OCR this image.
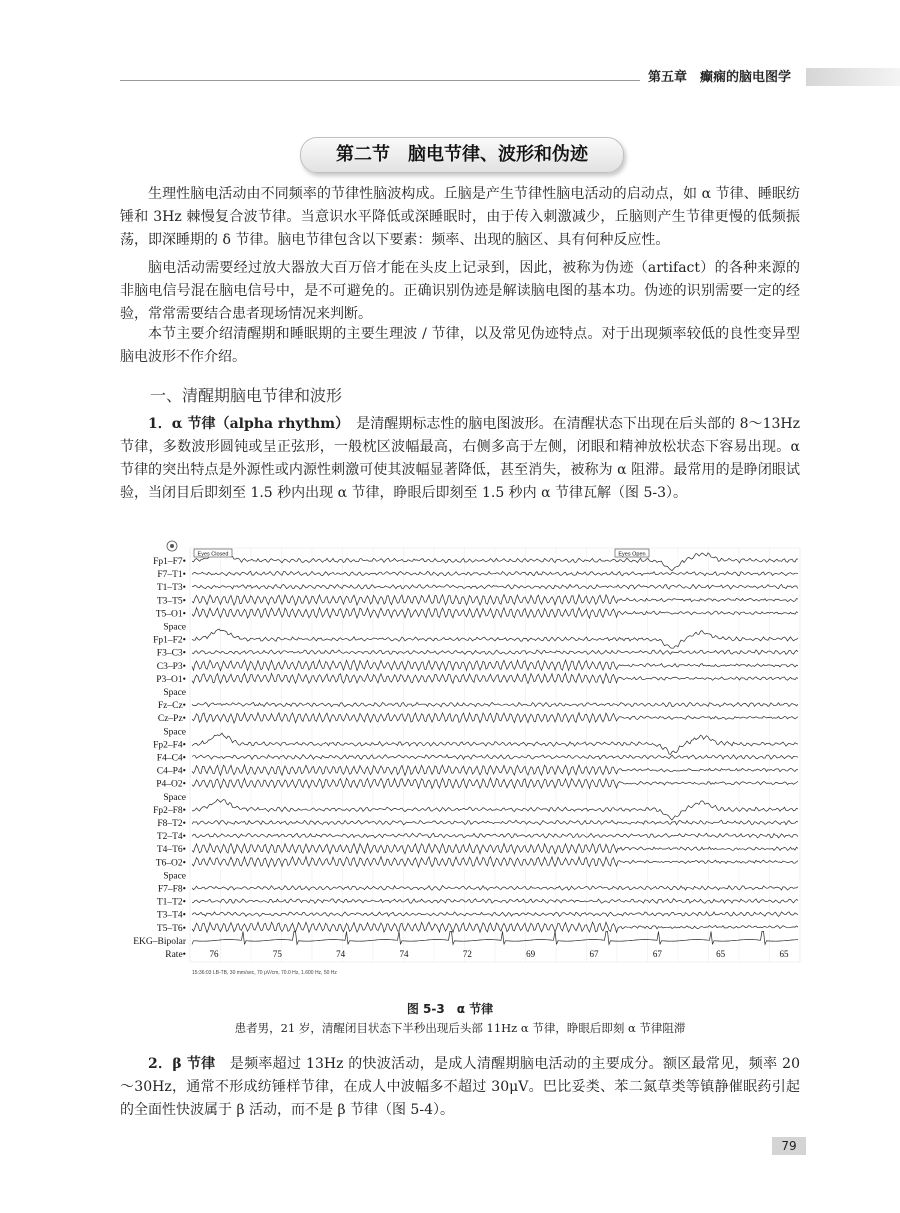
第五章　癫痫的脑电图学
第二节　脑电节律、波形和伪迹

生理性脑电活动由不同频率的节律性脑波构成。丘脑是产生节律性脑电活动的启动点，如 α 节律、睡眠纺锤和 3Hz 棘慢复合波节律。当意识水平降低或深睡眠时，由于传入刺激减少，丘脑则产生节律更慢的低频振荡，即深睡期的 δ 节律。脑电节律包含以下要素：频率、出现的脑区、具有何种反应性。

脑电活动需要经过放大器放大百万倍才能在头皮上记录到，因此，被称为伪迹（artifact）的各种来源的非脑电信号混在脑电信号中，是不可避免的。正确识别伪迹是解读脑电图的基本功。伪迹的识别需要一定的经验，常常需要结合患者现场情况来判断。

本节主要介绍清醒期和睡眠期的主要生理波 / 节律，以及常见伪迹特点。对于出现频率较低的良性变异型脑电波形不作介绍。

一、清醒期脑电节律和波形

1．α 节律（alpha rhythm）　是清醒期标志性的脑电图波形。在清醒状态下出现在后头部的 8～13Hz 节律，多数波形圆钝或呈正弦形，一般枕区波幅最高，右侧多高于左侧，闭眼和精神放松状态下容易出现。α 节律的突出特点是外源性或内源性刺激可使其波幅显著降低，甚至消失，被称为 α 阻滞。最常用的是睁闭眼试验，当闭目后即刻至 1.5 秒内出现 α 节律，睁眼后即刻至 1.5 秒内 α 节律瓦解（图 5-3）。

Fp1–F7•
F7–T1•
T1–T3•
T3–T5•
T5–O1•
Space
Fp1–F2•
F3–C3•
C3–P3•
P3–O1•
Space
Fz–Cz•
Cz–Pz•
Space
Fp2–F4•
F4–C4•
C4–P4•
P4–O2•
Space
Fp2–F8•
F8–T2•
T2–T4•
T4–T6•
T6–O2•
Space
F7–F8•
T1–T2•
T3–T4•
T5–T6•
EKG–Bipolar
Rate•
Eyes Closed	Eyes Open
76	75	74	74	72	69	67	67	65	65
15:36:03 LB-TB, 30 mm/sec, 70 μV/cm, 70.0 Hz, 1.600 Hz, 50 Hz
图 5-3　α 节律
患者男，21 岁，清醒闭目状态下半秒出现后头部 11Hz α 节律，睁眼后即刻 α 节律阻滞

2．β 节律　是频率超过 13Hz 的快波活动，是成人清醒期脑电活动的主要成分。额区最常见，频率 20～30Hz，通常不形成纺锤样节律，在成人中波幅多不超过 30μV。巴比妥类、苯二氮草类等镇静催眠药引起的全面性快波属于 β 活动，而不是 β 节律（图 5-4）。

79
